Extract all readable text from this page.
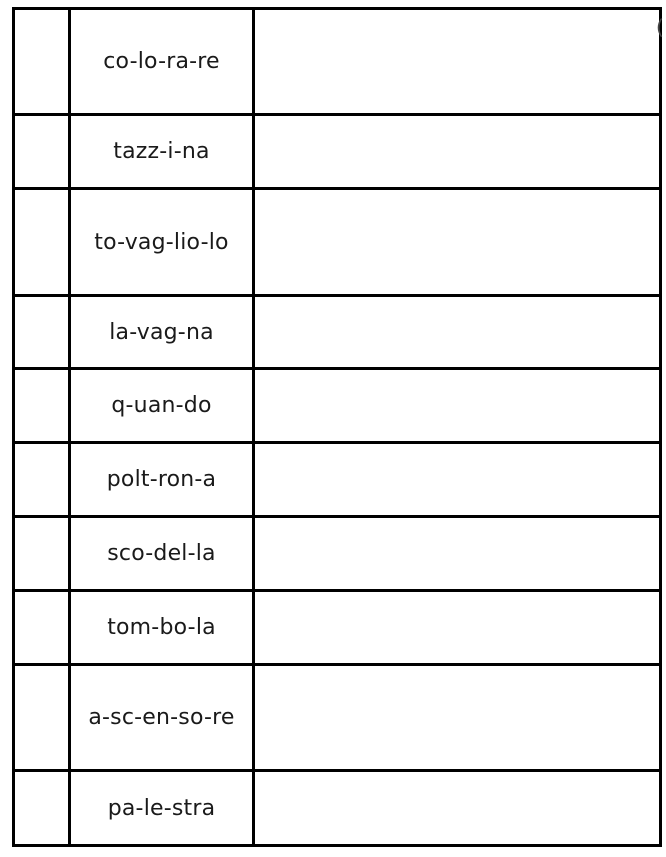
	co-lo-ra-re	
	tazz-i-na	
	to-vag-lio-lo	
	la-vag-na	
	q-uan-do	
	polt-ron-a	
	sco-del-la	
	tom-bo-la	
	a-sc-en-so-re	
	pa-le-stra	
(
